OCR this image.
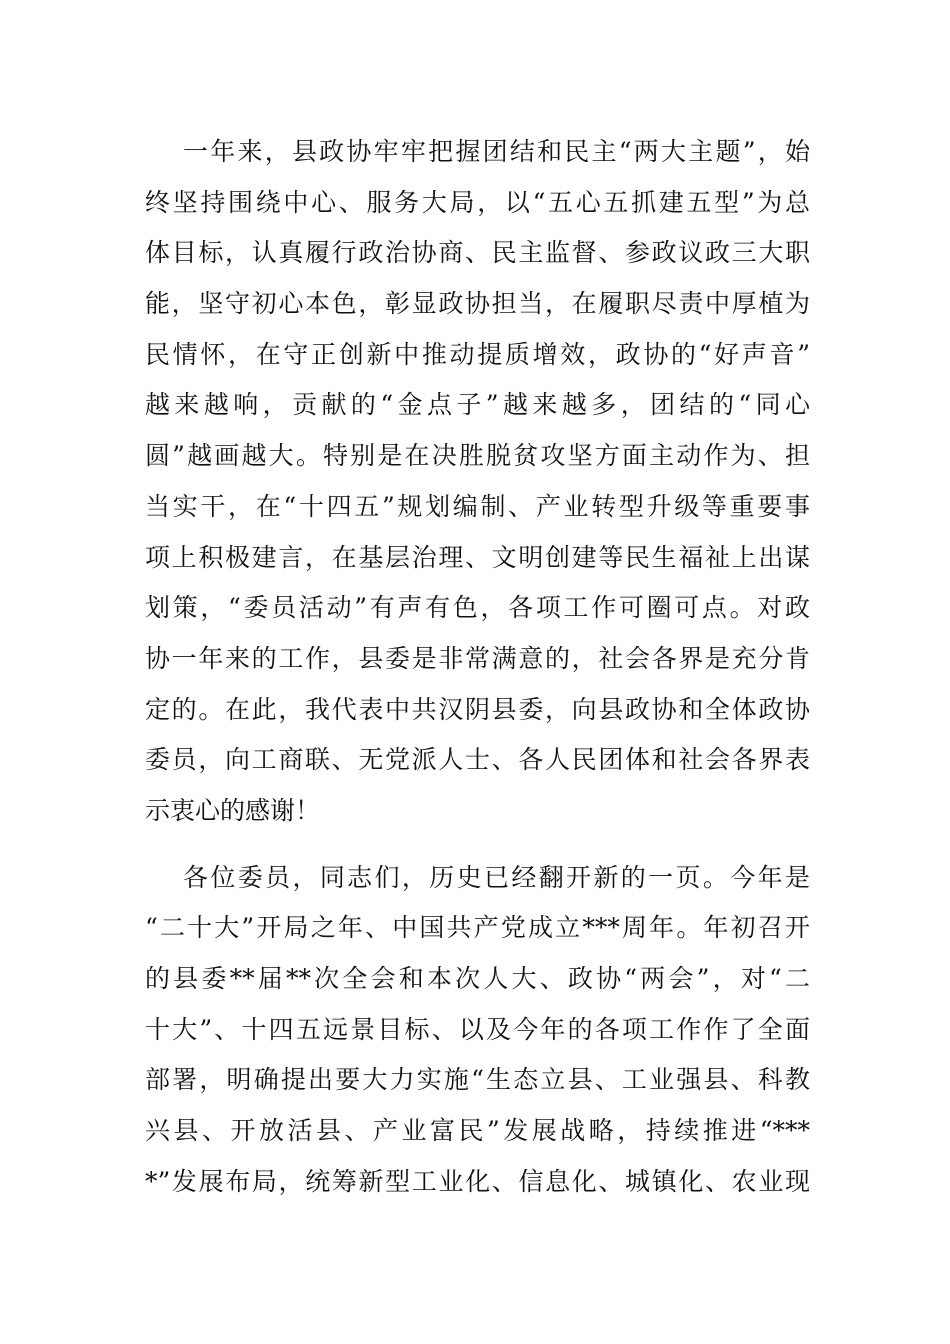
一年来，县政协牢牢把握团结和民主“两大主题”，始
终坚持围绕中心、服务大局，以“五心五抓建五型”为总
体目标，认真履行政治协商、民主监督、参政议政三大职
能，坚守初心本色，彰显政协担当，在履职尽责中厚植为
民情怀，在守正创新中推动提质增效，政协的“好声音”
越来越响，贡献的“金点子”越来越多，团结的“同心
圆”越画越大。特别是在决胜脱贫攻坚方面主动作为、担
当实干，在“十四五”规划编制、产业转型升级等重要事
项上积极建言，在基层治理、文明创建等民生福祉上出谋
划策，“委员活动”有声有色，各项工作可圈可点。对政
协一年来的工作，县委是非常满意的，社会各界是充分肯
定的。在此，我代表中共汉阴县委，向县政协和全体政协
委员，向工商联、无党派人士、各人民团体和社会各界表
示衷心的感谢！
各位委员，同志们，历史已经翻开新的一页。今年是
“二十大”开局之年、中国共产党成立***周年。年初召开
的县委**届**次全会和本次人大、政协“两会”，对“二
十大”、十四五远景目标、以及今年的各项工作作了全面
部署，明确提出要大力实施“生态立县、工业强县、科教
兴县、开放活县、产业富民”发展战略，持续推进“***
*”发展布局，统筹新型工业化、信息化、城镇化、农业现
